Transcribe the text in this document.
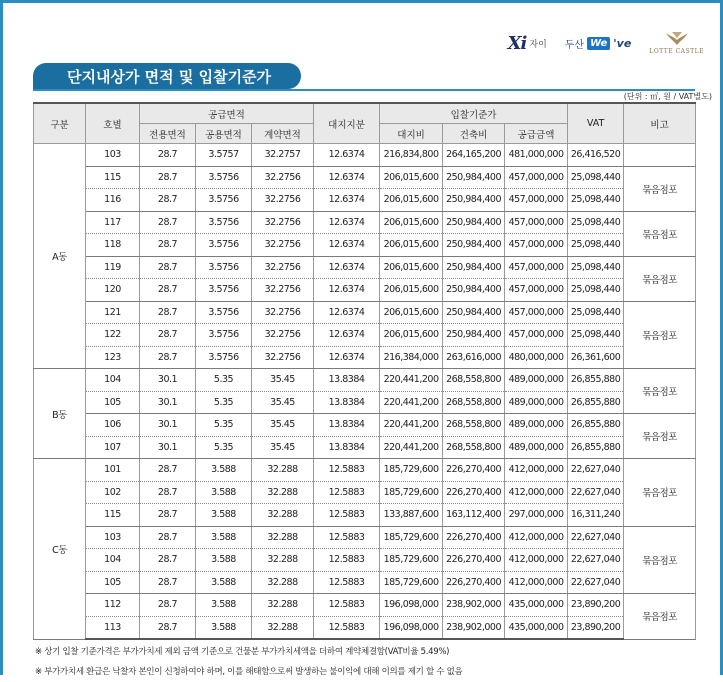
Xi 자이 두산 We 've
LOTTE CASTLE
단지내상가 면적 및 입찰기준가
(단위 : ㎡, 원 / VAT별도)
구분	호별	공급면적			대지지분	입찰기준가			VAT	비고
		전용면적	공용면적	계약면적		대지비	건축비	공급금액		
A동	103	28.7	3.5757	32.2757	12.6374	216,834,800	264,165,200	481,000,000	26,416,520	
	115	28.7	3.5756	32.2756	12.6374	206,015,600	250,984,400	457,000,000	25,098,440	묶음점포
	116	28.7	3.5756	32.2756	12.6374	206,015,600	250,984,400	457,000,000	25,098,440	
	117	28.7	3.5756	32.2756	12.6374	206,015,600	250,984,400	457,000,000	25,098,440	묶음점포
	118	28.7	3.5756	32.2756	12.6374	206,015,600	250,984,400	457,000,000	25,098,440	
	119	28.7	3.5756	32.2756	12.6374	206,015,600	250,984,400	457,000,000	25,098,440	묶음점포
	120	28.7	3.5756	32.2756	12.6374	206,015,600	250,984,400	457,000,000	25,098,440	
	121	28.7	3.5756	32.2756	12.6374	206,015,600	250,984,400	457,000,000	25,098,440	묶음점포
	122	28.7	3.5756	32.2756	12.6374	206,015,600	250,984,400	457,000,000	25,098,440	
	123	28.7	3.5756	32.2756	12.6374	216,384,000	263,616,000	480,000,000	26,361,600	
B동	104	30.1	5.35	35.45	13.8384	220,441,200	268,558,800	489,000,000	26,855,880	묶음점포
	105	30.1	5.35	35.45	13.8384	220,441,200	268,558,800	489,000,000	26,855,880	
	106	30.1	5.35	35.45	13.8384	220,441,200	268,558,800	489,000,000	26,855,880	묶음점포
	107	30.1	5.35	35.45	13.8384	220,441,200	268,558,800	489,000,000	26,855,880	
C동	101	28.7	3.588	32.288	12.5883	185,729,600	226,270,400	412,000,000	22,627,040	묶음점포
	102	28.7	3.588	32.288	12.5883	185,729,600	226,270,400	412,000,000	22,627,040	
	115	28.7	3.588	32.288	12.5883	133,887,600	163,112,400	297,000,000	16,311,240	
	103	28.7	3.588	32.288	12.5883	185,729,600	226,270,400	412,000,000	22,627,040	묶음점포
	104	28.7	3.588	32.288	12.5883	185,729,600	226,270,400	412,000,000	22,627,040	
	105	28.7	3.588	32.288	12.5883	185,729,600	226,270,400	412,000,000	22,627,040	
	112	28.7	3.588	32.288	12.5883	196,098,000	238,902,000	435,000,000	23,890,200	묶음점포
	113	28.7	3.588	32.288	12.5883	196,098,000	238,902,000	435,000,000	23,890,200	
※ 상기 입찰 기준가격은 부가가치세 제외 금액 기준으로 건물분 부가가치세액을 더하여 계약체결함(VAT비율 5.49%)
※ 부가가치세 환급은 낙찰자 본인이 신청하여야 하며, 이를 해태함으로써 발생하는 불이익에 대해 이의를 제기 할 수 없음
